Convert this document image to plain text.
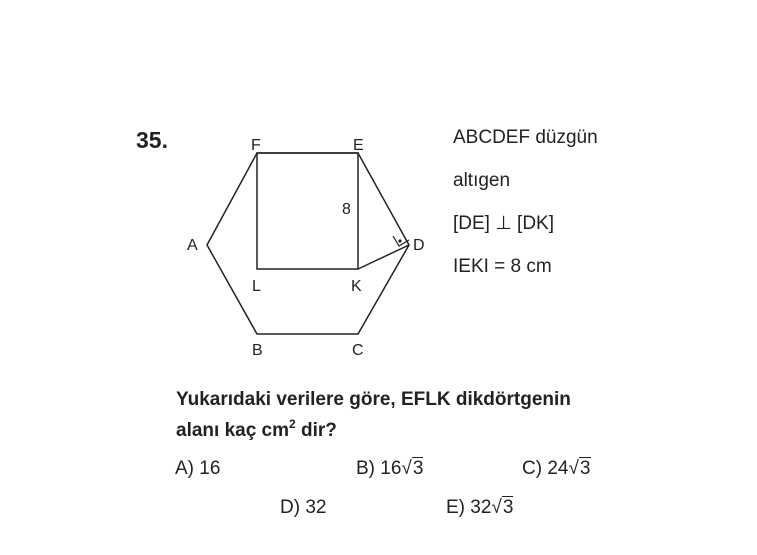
35.
A
B	C
D
E
F
K
L
8
ABCDEF düzgün
altıgen
[DE] ⊥ [DK]
IEKI = 8 cm
Yukarıdaki verilere göre, EFLK dikdörtgenin
alanı kaç $cm^2$ dir?
A) 16	B) 16√3	C) 24√3
D) 32	E) 32√3
